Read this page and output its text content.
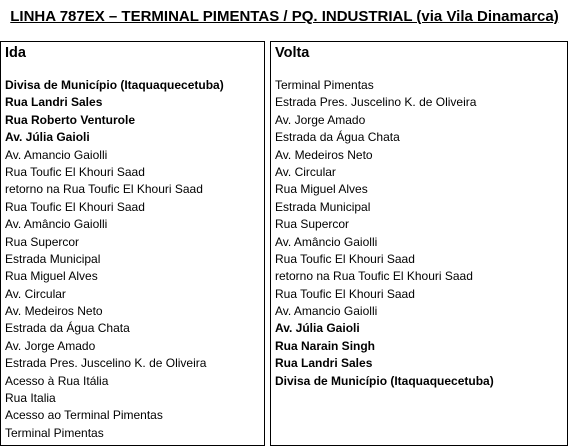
LINHA 787EX – TERMINAL PIMENTAS / PQ. INDUSTRIAL (via Vila Dinamarca)
Ida
Divisa de Município (Itaquaquecetuba)
Rua Landri Sales
Rua Roberto Venturole
Av. Júlia Gaioli
Av. Amancio Gaiolli
Rua Toufic El Khouri Saad
retorno na Rua Toufic El Khouri Saad
Rua Toufic El Khouri Saad
Av. Amâncio Gaiolli
Rua Supercor
Estrada Municipal
Rua Miguel Alves
Av. Circular
Av. Medeiros Neto
Estrada da Água Chata
Av. Jorge Amado
Estrada Pres. Juscelino K. de Oliveira
Acesso à Rua Itália
Rua Italia
Acesso ao Terminal Pimentas
Terminal Pimentas
Volta
Terminal Pimentas
Estrada Pres. Juscelino K. de Oliveira
Av. Jorge Amado
Estrada da Água Chata
Av. Medeiros Neto
Av. Circular
Rua Miguel Alves
Estrada Municipal
Rua Supercor
Av. Amâncio Gaiolli
Rua Toufic El Khouri Saad
retorno na Rua Toufic El Khouri Saad
Rua Toufic El Khouri Saad
Av. Amancio Gaiolli
Av. Júlia Gaioli
Rua Narain Singh
Rua Landri Sales
Divisa de Município (Itaquaquecetuba)
